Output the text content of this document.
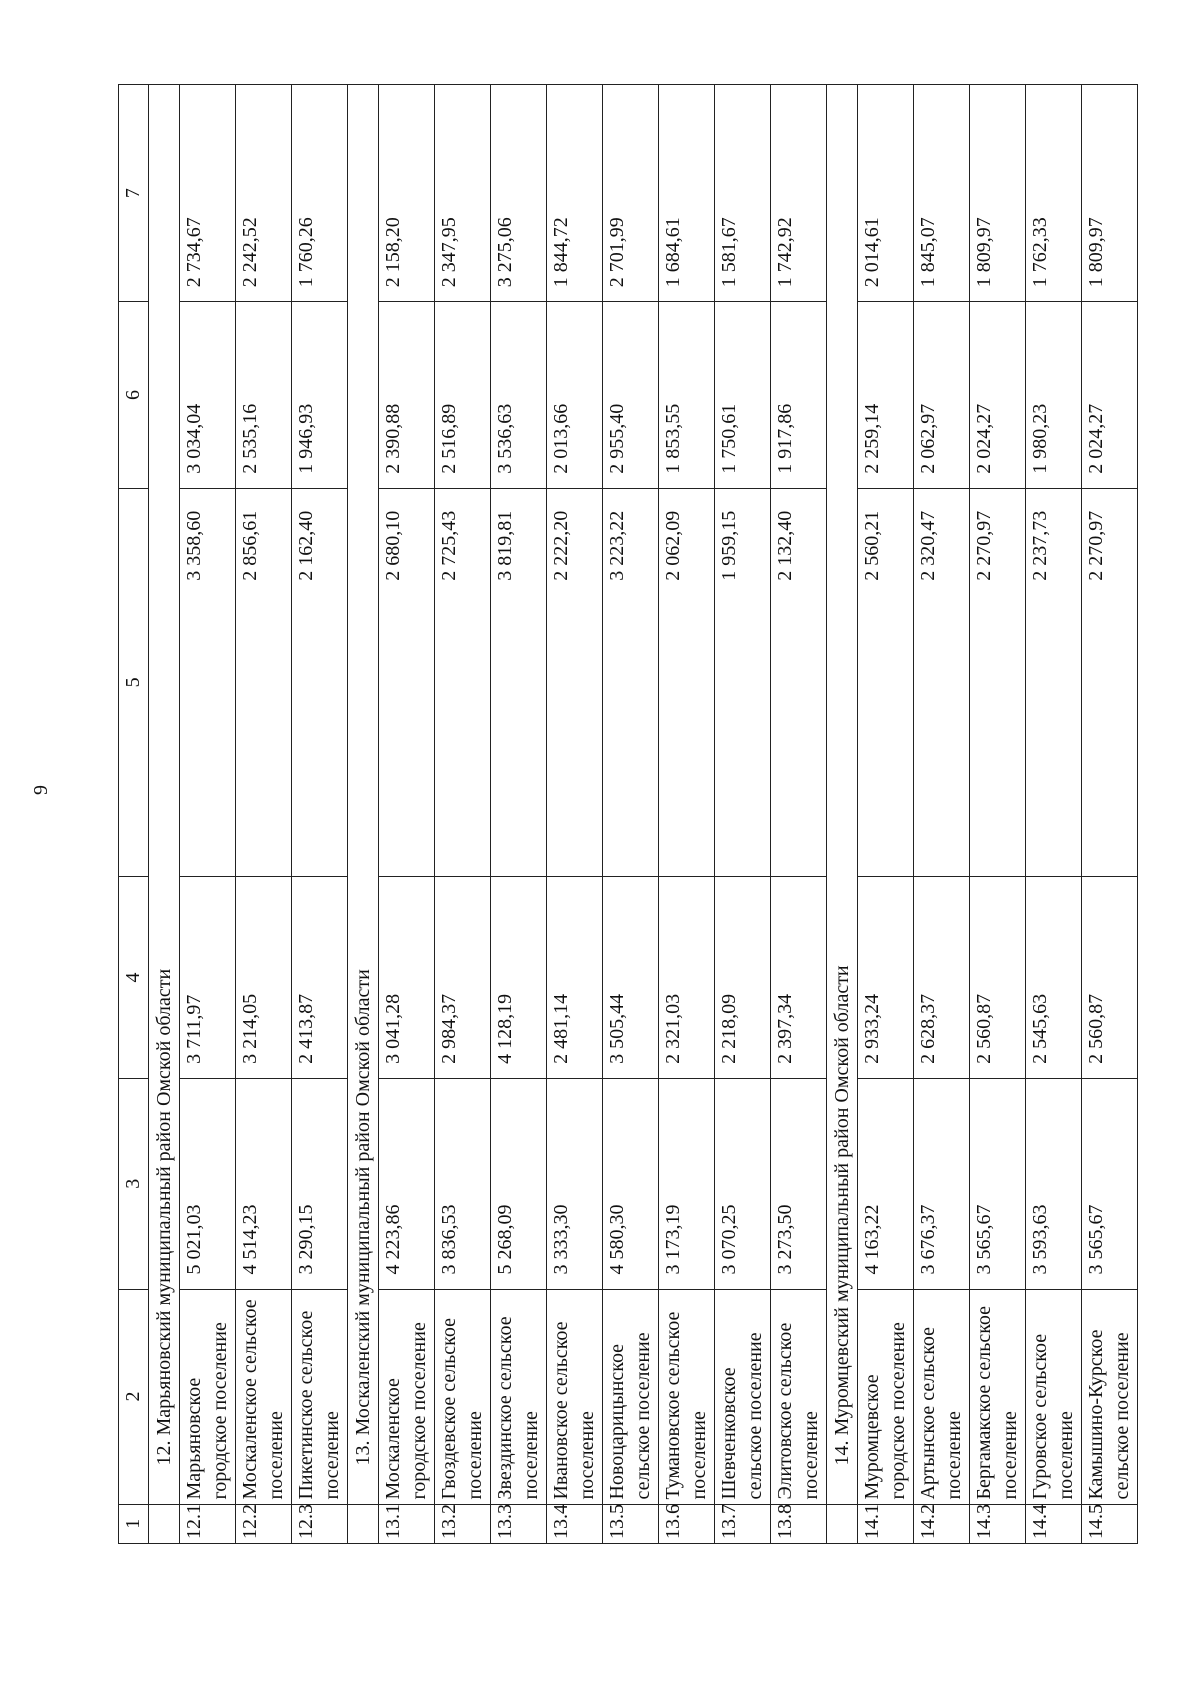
9
1	2	3	4	5	6	7
	12. Марьяновский муниципальный район Омской области					
12.1	Марьяновское городское поселение	5 021,03	3 711,97	3 358,60	3 034,04	2 734,67
12.2	Москаленское сельское поселение	4 514,23	3 214,05	2 856,61	2 535,16	2 242,52
12.3	Пикетинское сельское поселение	3 290,15	2 413,87	2 162,40	1 946,93	1 760,26
	13. Москаленский муниципальный район Омской области					
13.1	Москаленское городское поселение	4 223,86	3 041,28	2 680,10	2 390,88	2 158,20
13.2	Гвоздевское сельское поселение	3 836,53	2 984,37	2 725,43	2 516,89	2 347,95
13.3	Звездинское сельское поселение	5 268,09	4 128,19	3 819,81	3 536,63	3 275,06
13.4	Ивановское сельское поселение	3 333,30	2 481,14	2 222,20	2 013,66	1 844,72
13.5	Новоцарицынское сельское поселение	4 580,30	3 505,44	3 223,22	2 955,40	2 701,99
13.6	Тумановское сельское поселение	3 173,19	2 321,03	2 062,09	1 853,55	1 684,61
13.7	Шевченковское сельское поселение	3 070,25	2 218,09	1 959,15	1 750,61	1 581,67
13.8	Элитовское сельское поселение	3 273,50	2 397,34	2 132,40	1 917,86	1 742,92
	14. Муромцевский муниципальный район Омской области					
14.1	Муромцевское городское поселение	4 163,22	2 933,24	2 560,21	2 259,14	2 014,61
14.2	Артынское сельское поселение	3 676,37	2 628,37	2 320,47	2 062,97	1 845,07
14.3	Бергамакское сельское поселение	3 565,67	2 560,87	2 270,97	2 024,27	1 809,97
14.4	Гуровское сельское поселение	3 593,63	2 545,63	2 237,73	1 980,23	1 762,33
14.5	Камышино-Курское сельское поселение	3 565,67	2 560,87	2 270,97	2 024,27	1 809,97
